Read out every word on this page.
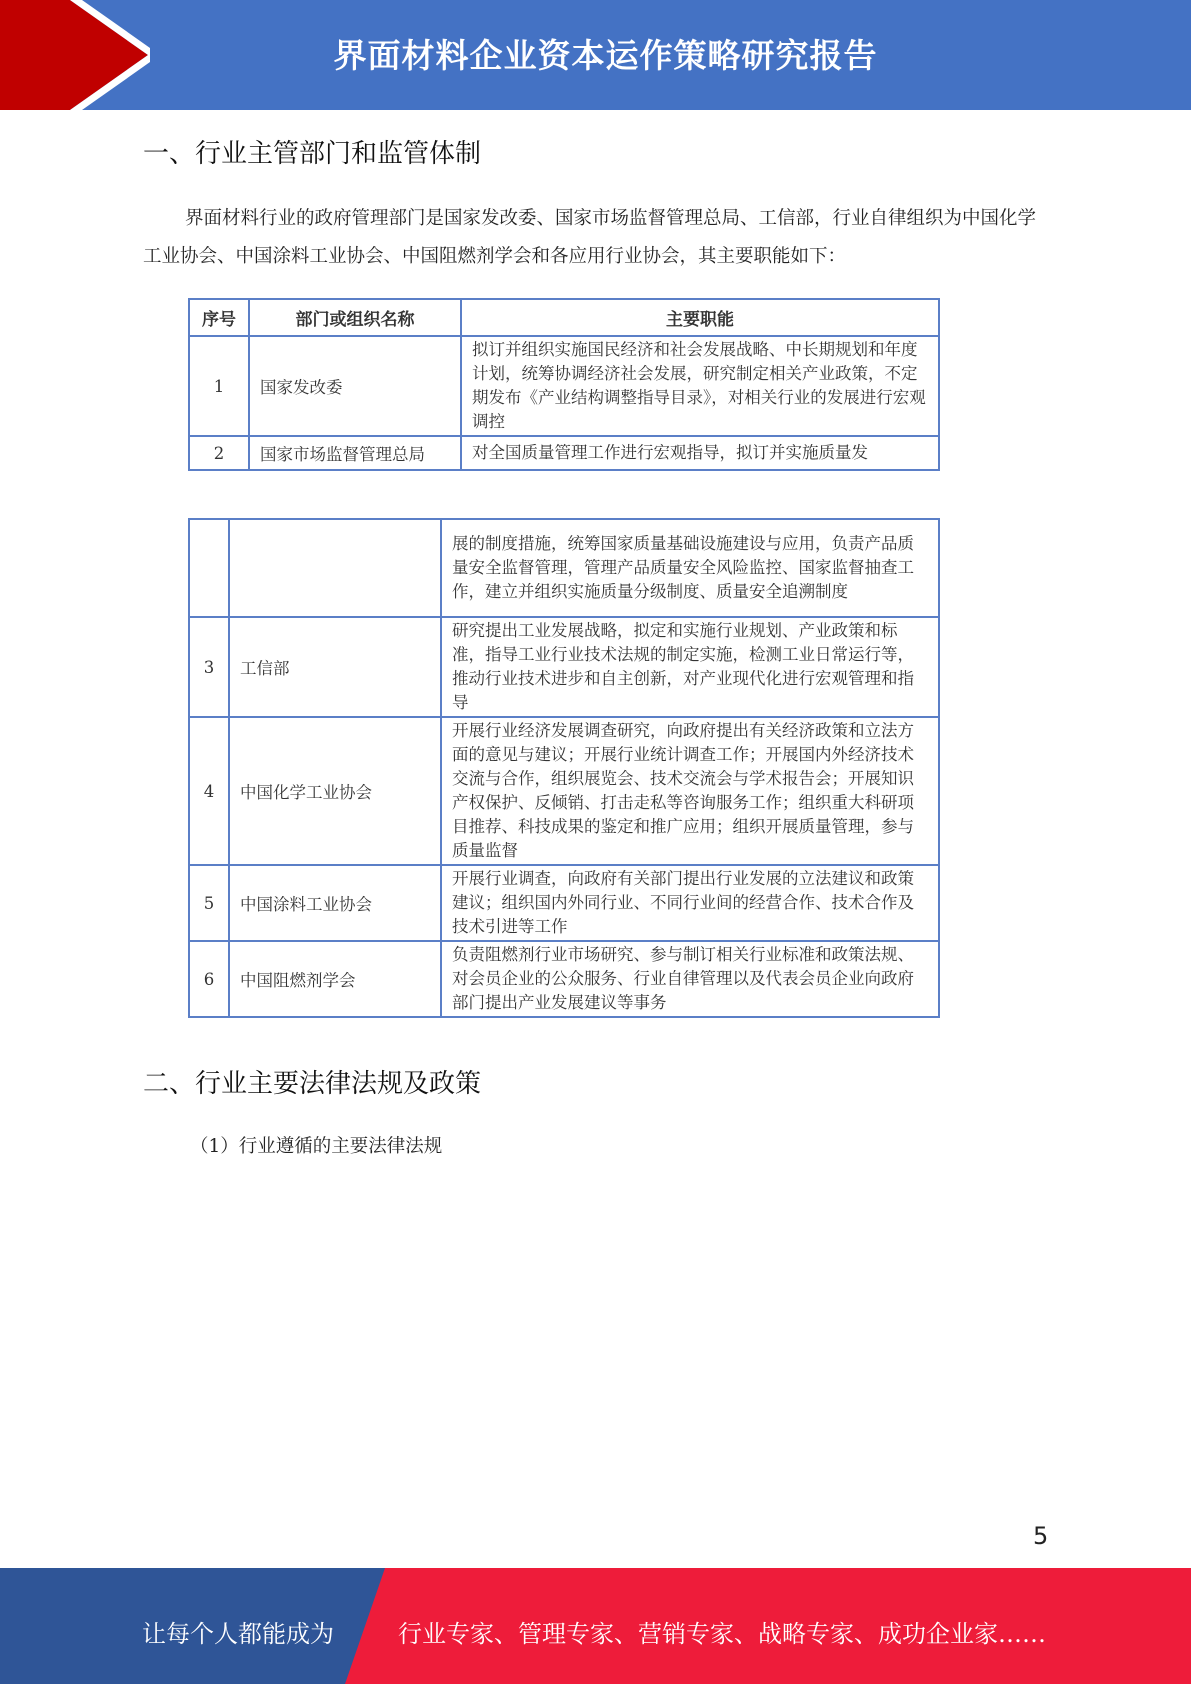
界面材料企业资本运作策略研究报告
一、行业主管部门和监管体制
界面材料行业的政府管理部门是国家发改委、国家市场监督管理总局、工信部，行业自律组织为中国化学工业协会、中国涂料工业协会、中国阻燃剂学会和各应用行业协会，其主要职能如下：
序号	部门或组织名称	主要职能
1	国家发改委	拟订并组织实施国民经济和社会发展战略、中长期规划和年度计划，统筹协调经济社会发展，研究制定相关产业政策，不定期发布《产业结构调整指导目录》，对相关行业的发展进行宏观调控
2	国家市场监督管理总局	对全国质量管理工作进行宏观指导，拟订并实施质量发
		展的制度措施，统筹国家质量基础设施建设与应用，负责产品质量安全监督管理，管理产品质量安全风险监控、国家监督抽查工作，建立并组织实施质量分级制度、质量安全追溯制度
3	工信部	研究提出工业发展战略，拟定和实施行业规划、产业政策和标准，指导工业行业技术法规的制定实施，检测工业日常运行等，推动行业技术进步和自主创新，对产业现代化进行宏观管理和指导
4	中国化学工业协会	开展行业经济发展调查研究，向政府提出有关经济政策和立法方面的意见与建议；开展行业统计调查工作；开展国内外经济技术交流与合作，组织展览会、技术交流会与学术报告会；开展知识产权保护、反倾销、打击走私等咨询服务工作；组织重大科研项目推荐、科技成果的鉴定和推广应用；组织开展质量管理，参与质量监督
5	中国涂料工业协会	开展行业调查，向政府有关部门提出行业发展的立法建议和政策建议；组织国内外同行业、不同行业间的经营合作、技术合作及技术引进等工作
6	中国阻燃剂学会	负责阻燃剂行业市场研究、参与制订相关行业标准和政策法规、对会员企业的公众服务、行业自律管理以及代表会员企业向政府部门提出产业发展建议等事务
二、行业主要法律法规及政策
（1）行业遵循的主要法律法规
5
让每个人都能成为	行业专家、管理专家、营销专家、战略专家、成功企业家……
